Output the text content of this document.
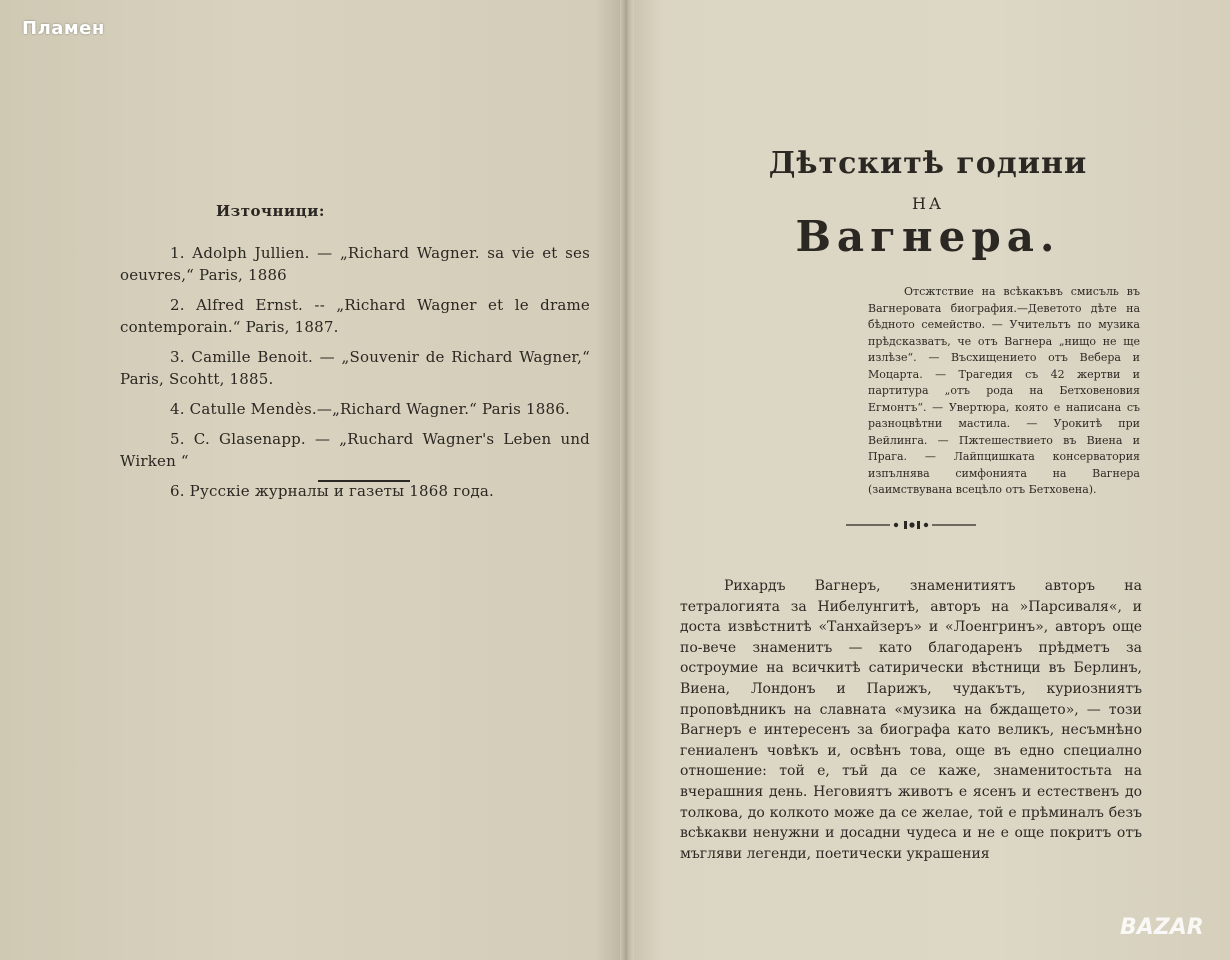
Източници:

1. Adolph Jullien. — „Richard Wagner. sa vie et ses oeuvres,“ Paris, 1886

2. Alfred Ernst. -- „Richard Wagner et le drame contemporain.“ Paris, 1887.

3. Camille Benoit. — „Souvenir de Richard Wagner,“ Paris, Scohtt, 1885.

4. Catulle Mendès.—„Richard Wagner.“ Paris 1886.

5. C. Glasenapp. — „Ruchard Wagner's Leben und Wirken “

6. Русскіе журналы и газеты 1868 года.

Дѣтскитѣ години
НА
Вагнера.
Отсжтствие на всѣкакъвъ смисъль въ Вагнеровата биография.—Деветото дѣте на бѣдното семейство. — Учительтъ по музика прѣдсказватъ, че отъ Вагнера „нищо не ще излѣзе“. — Въсхищението отъ Вебера и Моцарта. — Трагедия съ 42 жертви и партитура „отъ рода на Бетховеновия Егмонтъ“. — Увертюра, която е написана съ разноцвѣтни мастила. — Урокитѣ при Вейлинга. — Пжтешествието въ Виена и Прага. — Лайпцишката консерватория изпълнява симфонията на Вагнера (заимствувана всецѣло отъ Бетховена).
Рихардъ Вагнеръ, знаменитиятъ авторъ на тетралогията за Нибелунгитѣ, авторъ на »Парсиваля«, и доста извѣстнитѣ «Танхайзеръ» и «Лоенгринъ», авторъ още по-вече знаменитъ — като благодаренъ прѣдметъ за остроумие на всичкитѣ сатирически вѣстници въ Берлинъ, Виена, Лондонъ и Парижъ, чудакътъ, куриозниятъ проповѣдникъ на славната «музика на бждащето», — този Вагнеръ е интересенъ за биографа като великъ, несъмнѣно гениаленъ човѣкъ и, освѣнъ това, още въ едно специално отношение: той е, тъй да се каже, знаменитостьта на вчерашния день. Неговиятъ животъ е ясенъ и естественъ до толкова, до колкото може да се желае, той е прѣминалъ безъ всѣкакви ненужни и досадни чудеса и не е още покритъ отъ мъгляви легенди, поетически украшения
Пламен
BAZAR
